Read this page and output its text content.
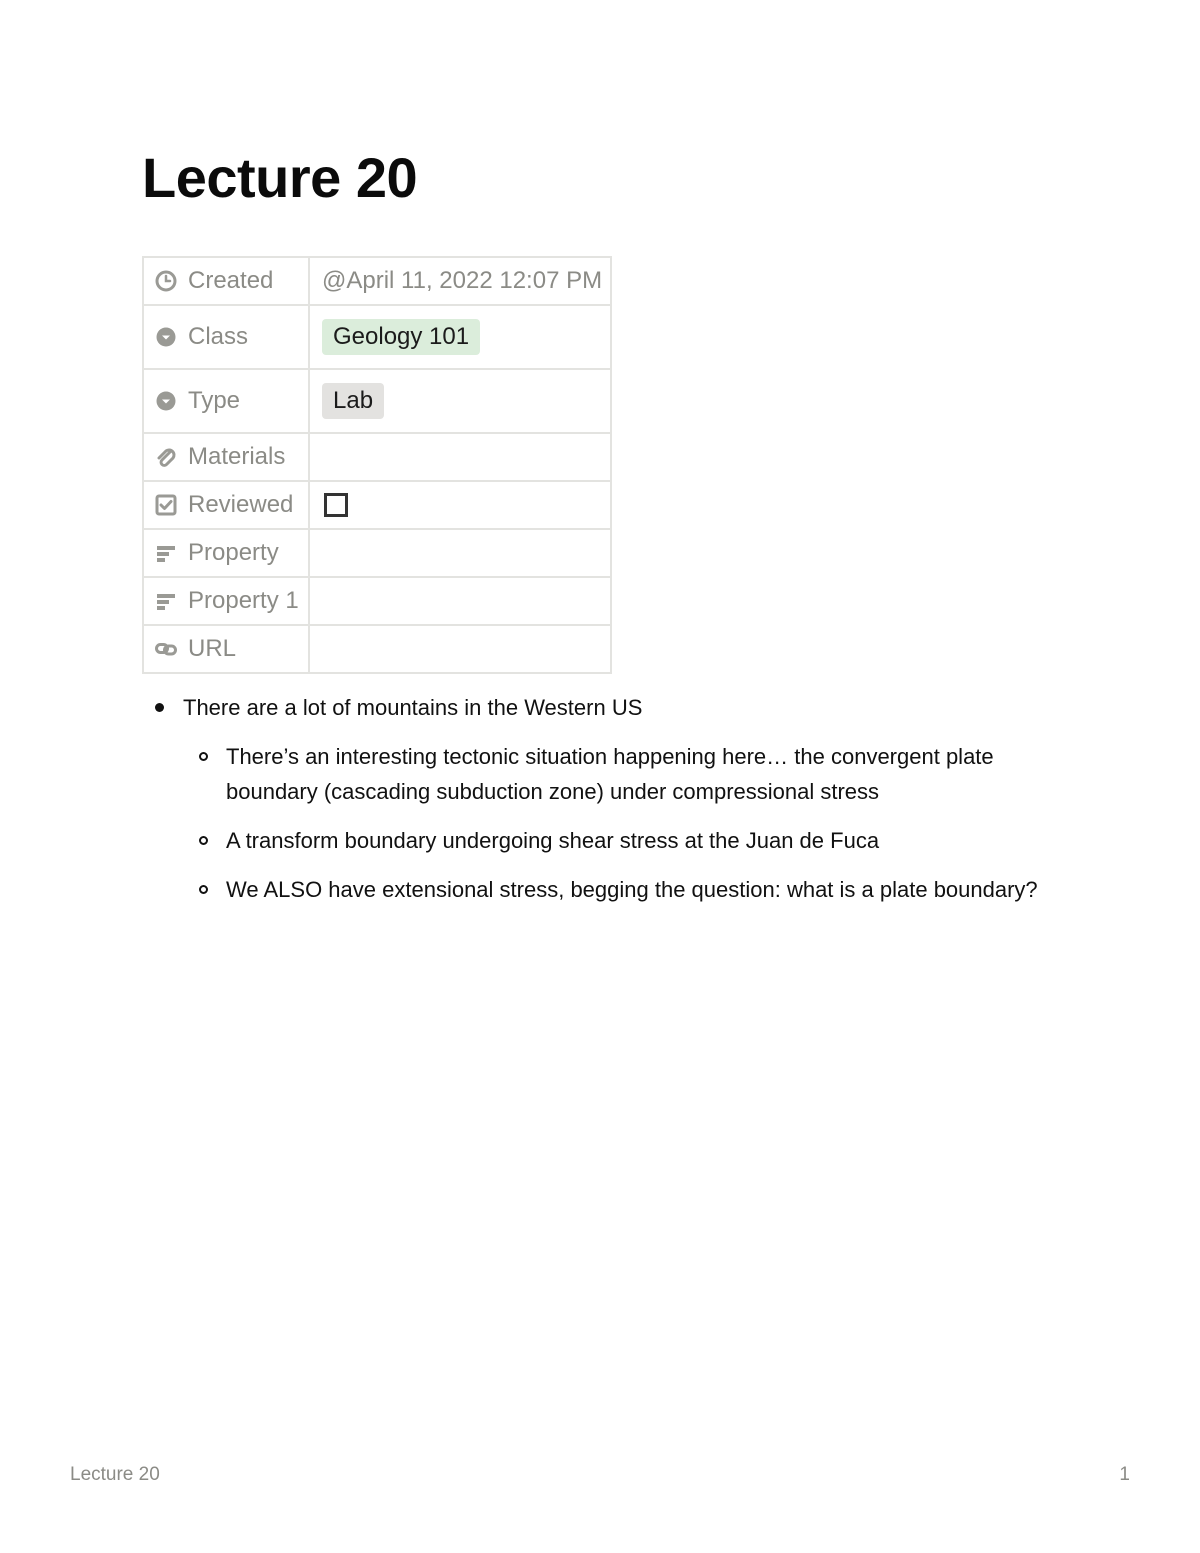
Lecture 20
Created	@April 11, 2022 12:07 PM

Class	Geology 101

Type	Lab

Materials	

Reviewed	

Property	

Property 1	

URL	

There are a lot of mountains in the Western US
There’s an interesting tectonic situation happening here… the convergent plate boundary (cascading subduction zone) under compressional stress
A transform boundary undergoing shear stress at the Juan de Fuca
We ALSO have extensional stress, begging the question: what is a plate boundary?
Lecture 20	1
